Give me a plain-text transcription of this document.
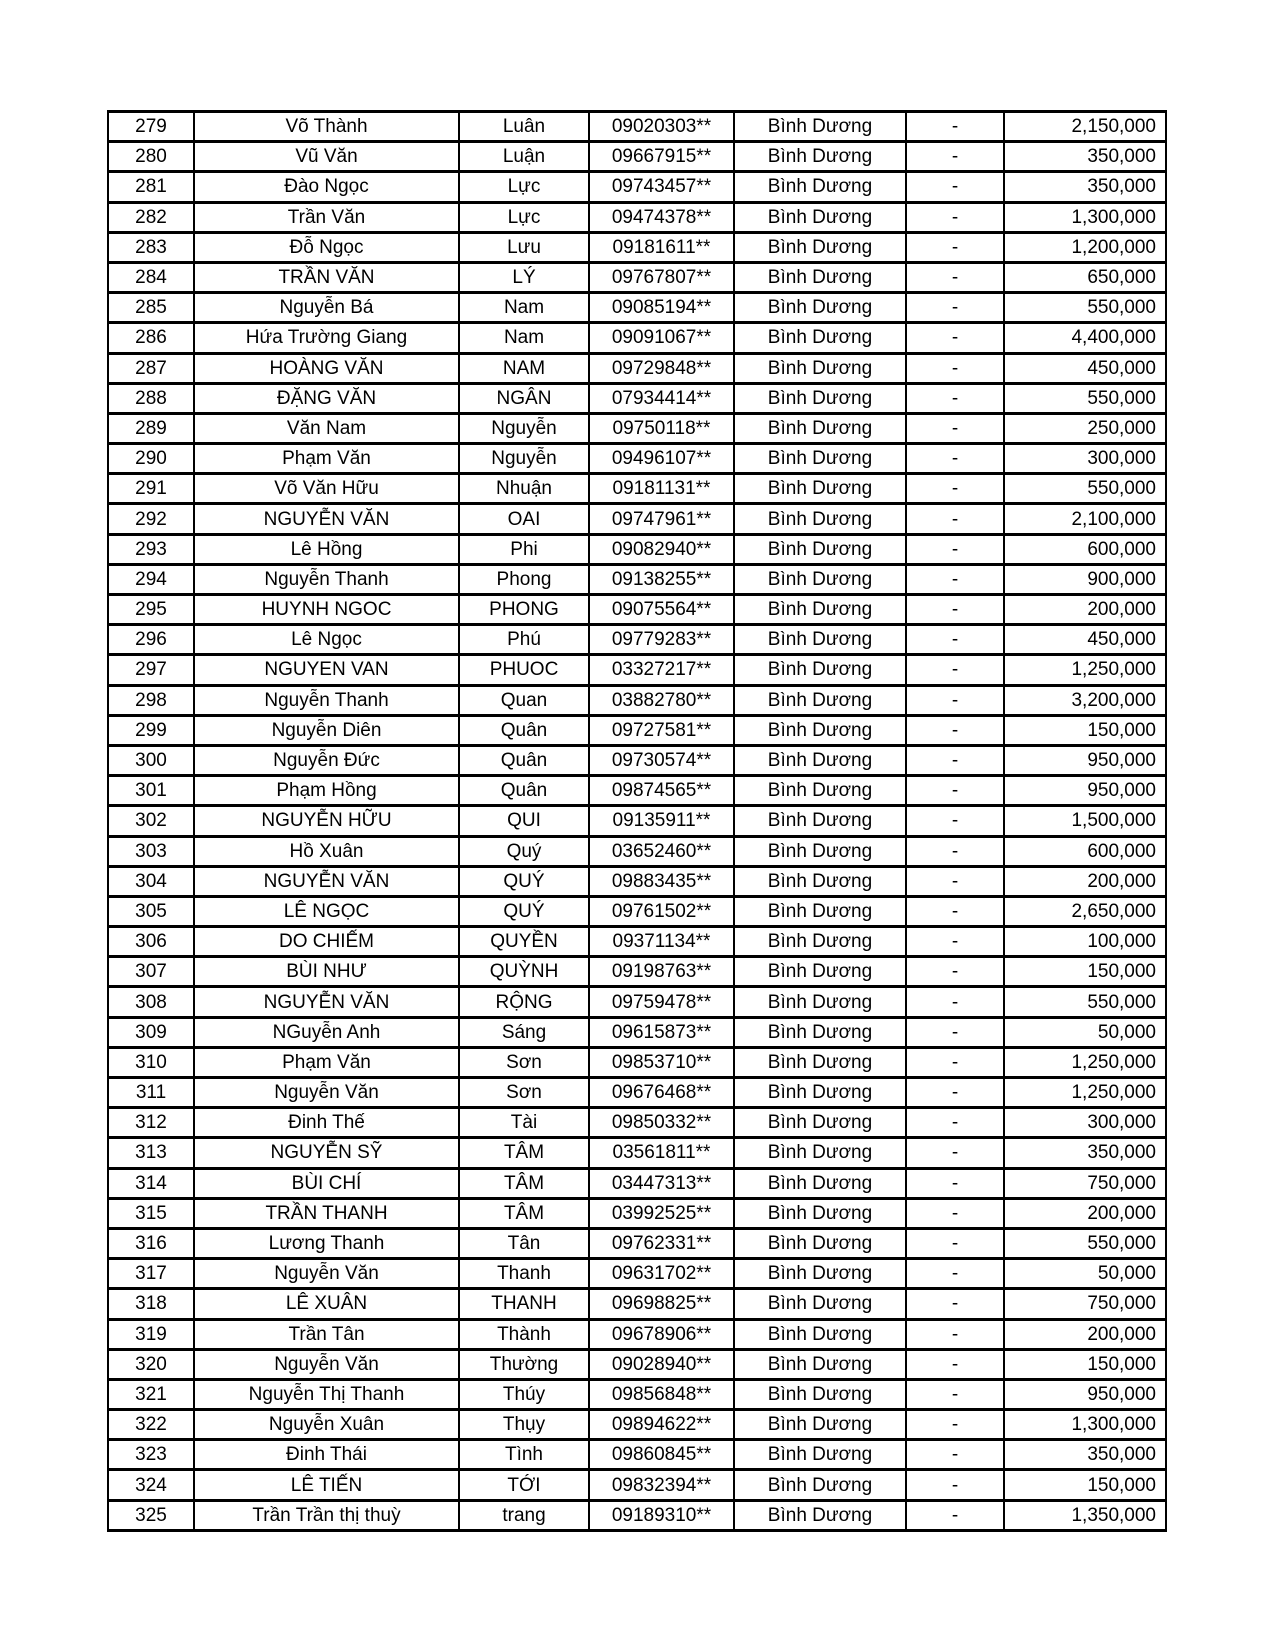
279	Võ Thành	Luân	09020303**	Bình Dương	-	2,150,000
280	Vũ Văn	Luận	09667915**	Bình Dương	-	350,000
281	Đào Ngọc	Lực	09743457**	Bình Dương	-	350,000
282	Trần Văn	Lực	09474378**	Bình Dương	-	1,300,000
283	Đỗ Ngọc	Lưu	09181611**	Bình Dương	-	1,200,000
284	TRẦN VĂN	LÝ	09767807**	Bình Dương	-	650,000
285	Nguyễn Bá	Nam	09085194**	Bình Dương	-	550,000
286	Hứa Trường Giang	Nam	09091067**	Bình Dương	-	4,400,000
287	HOÀNG VĂN	NAM	09729848**	Bình Dương	-	450,000
288	ĐẶNG VĂN	NGÂN	07934414**	Bình Dương	-	550,000
289	Văn Nam	Nguyễn	09750118**	Bình Dương	-	250,000
290	Phạm Văn	Nguyễn	09496107**	Bình Dương	-	300,000
291	Võ Văn Hữu	Nhuận	09181131**	Bình Dương	-	550,000
292	NGUYỄN VĂN	OAI	09747961**	Bình Dương	-	2,100,000
293	Lê Hồng	Phi	09082940**	Bình Dương	-	600,000
294	Nguyễn Thanh	Phong	09138255**	Bình Dương	-	900,000
295	HUYNH NGOC	PHONG	09075564**	Bình Dương	-	200,000
296	Lê Ngọc	Phú	09779283**	Bình Dương	-	450,000
297	NGUYEN VAN	PHUOC	03327217**	Bình Dương	-	1,250,000
298	Nguyễn Thanh	Quan	03882780**	Bình Dương	-	3,200,000
299	Nguyễn Diên	Quân	09727581**	Bình Dương	-	150,000
300	Nguyễn Đức	Quân	09730574**	Bình Dương	-	950,000
301	Phạm Hồng	Quân	09874565**	Bình Dương	-	950,000
302	NGUYỄN HỮU	QUI	09135911**	Bình Dương	-	1,500,000
303	Hồ Xuân	Quý	03652460**	Bình Dương	-	600,000
304	NGUYỄN VĂN	QUÝ	09883435**	Bình Dương	-	200,000
305	LÊ NGỌC	QUÝ	09761502**	Bình Dương	-	2,650,000
306	DO CHIẾM	QUYỀN	09371134**	Bình Dương	-	100,000
307	BÙI NHƯ	QUỲNH	09198763**	Bình Dương	-	150,000
308	NGUYỄN VĂN	RỘNG	09759478**	Bình Dương	-	550,000
309	NGuyễn Anh	Sáng	09615873**	Bình Dương	-	50,000
310	Phạm Văn	Sơn	09853710**	Bình Dương	-	1,250,000
311	Nguyễn Văn	Sơn	09676468**	Bình Dương	-	1,250,000
312	Đinh Thế	Tài	09850332**	Bình Dương	-	300,000
313	NGUYỄN SỸ	TÂM	03561811**	Bình Dương	-	350,000
314	BÙI CHÍ	TÂM	03447313**	Bình Dương	-	750,000
315	TRẦN THANH	TÂM	03992525**	Bình Dương	-	200,000
316	Lương Thanh	Tân	09762331**	Bình Dương	-	550,000
317	Nguyễn Văn	Thanh	09631702**	Bình Dương	-	50,000
318	LÊ XUÂN	THANH	09698825**	Bình Dương	-	750,000
319	Trần Tân	Thành	09678906**	Bình Dương	-	200,000
320	Nguyễn Văn	Thường	09028940**	Bình Dương	-	150,000
321	Nguyễn Thị Thanh	Thúy	09856848**	Bình Dương	-	950,000
322	Nguyễn Xuân	Thụy	09894622**	Bình Dương	-	1,300,000
323	Đinh Thái	Tình	09860845**	Bình Dương	-	350,000
324	LÊ TIẾN	TỚI	09832394**	Bình Dương	-	150,000
325	Trần Trần thị thuỳ	trang	09189310**	Bình Dương	-	1,350,000
